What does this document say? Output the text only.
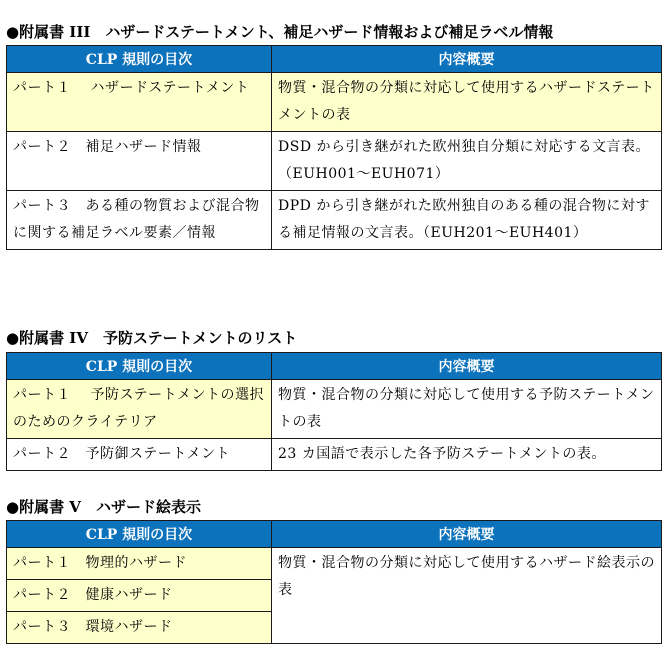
●附属書 III　ハザードステートメント、補足ハザード情報および補足ラベル情報
CLP 規則の目次	内容概要
パート１　 ハザードステートメント	物質・混合物の分類に対応して使用するハザードステートメントの表
パート２　補足ハザード情報	DSD から引き継がれた欧州独自分類に対応する文言表。（EUH001～EUH071）
パート３　ある種の物質および混合物に関する補足ラベル要素／情報	DPD から引き継がれた欧州独自のある種の混合物に対する補足情報の文言表。（EUH201～EUH401）
●附属書 IV　予防ステートメントのリスト
CLP 規則の目次	内容概要
パート１　 予防ステートメントの選択のためのクライテリア	物質・混合物の分類に対応して使用する予防ステートメントの表
パート２　予防御ステートメント	23 カ国語で表示した各予防ステートメントの表。
●附属書 V　ハザード絵表示
CLP 規則の目次	内容概要
パート１　物理的ハザード	物質・混合物の分類に対応して使用するハザード絵表示の表
パート２　健康ハザード	
パート３　環境ハザード	
